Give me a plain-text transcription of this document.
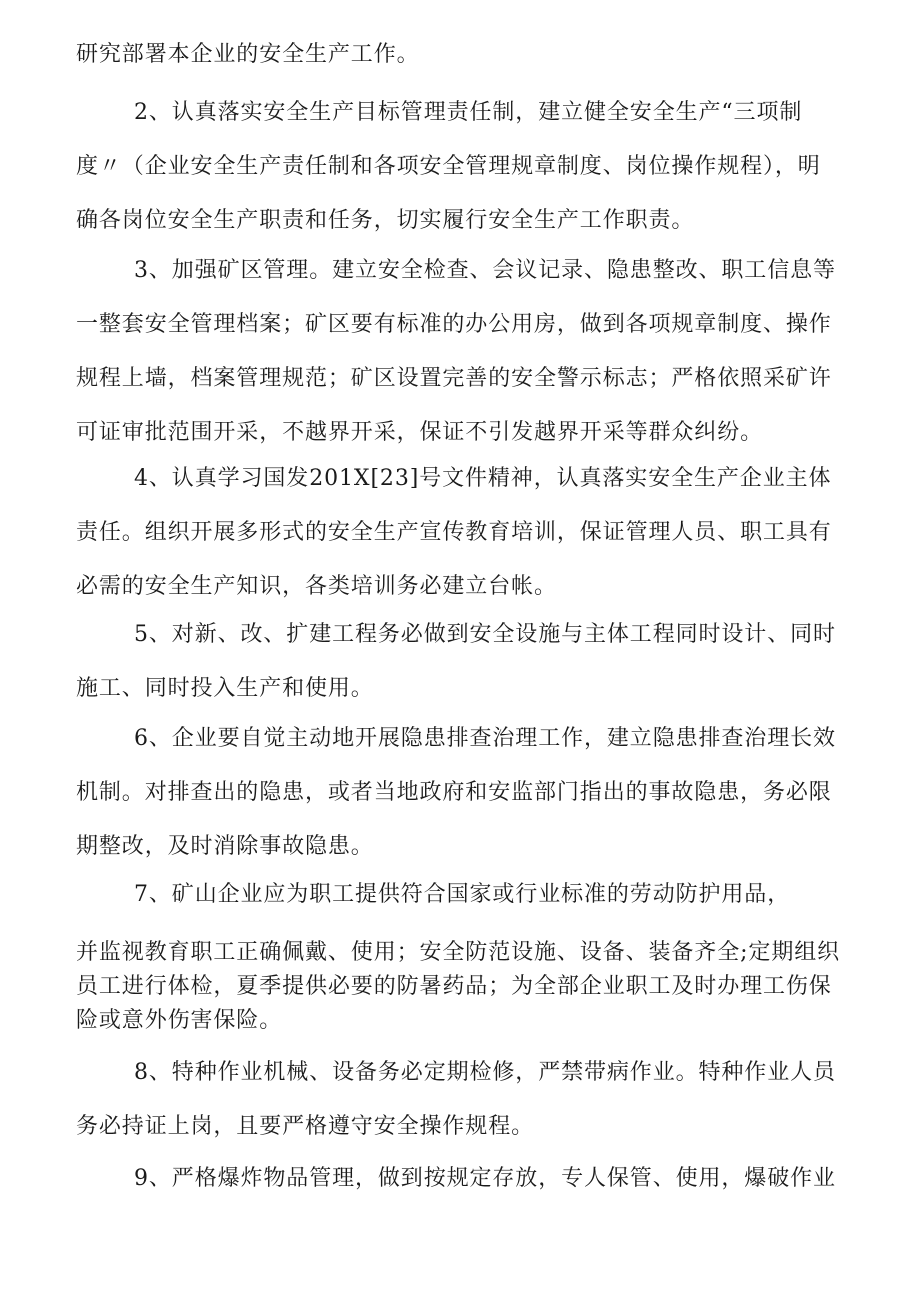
研究部署本企业的安全生产工作。
2、认真落实安全生产目标管理责任制，建立健全安全生产“三项制
度〃（企业安全生产责任制和各项安全管理规章制度、岗位操作规程），明
确各岗位安全生产职责和任务，切实履行安全生产工作职责。
3、加强矿区管理。建立安全检查、会议记录、隐患整改、职工信息等
一整套安全管理档案；矿区要有标准的办公用房，做到各项规章制度、操作
规程上墙，档案管理规范；矿区设置完善的安全警示标志；严格依照采矿许
可证审批范围开采，不越界开采，保证不引发越界开采等群众纠纷。
4、认真学习国发201X[23]号文件精神，认真落实安全生产企业主体
责任。组织开展多形式的安全生产宣传教育培训，保证管理人员、职工具有
必需的安全生产知识，各类培训务必建立台帐。
5、对新、改、扩建工程务必做到安全设施与主体工程同时设计、同时
施工、同时投入生产和使用。
6、企业要自觉主动地开展隐患排查治理工作，建立隐患排查治理长效
机制。对排查出的隐患，或者当地政府和安监部门指出的事故隐患，务必限
期整改，及时消除事故隐患。
7、矿山企业应为职工提供符合国家或行业标准的劳动防护用品，
并监视教育职工正确佩戴、使用；安全防范设施、设备、装备齐全;定期组织
员工进行体检，夏季提供必要的防暑药品；为全部企业职工及时办理工伤保
险或意外伤害保险。
8、特种作业机械、设备务必定期检修，严禁带病作业。特种作业人员
务必持证上岗，且要严格遵守安全操作规程。
9、严格爆炸物品管理，做到按规定存放，专人保管、使用，爆破作业
